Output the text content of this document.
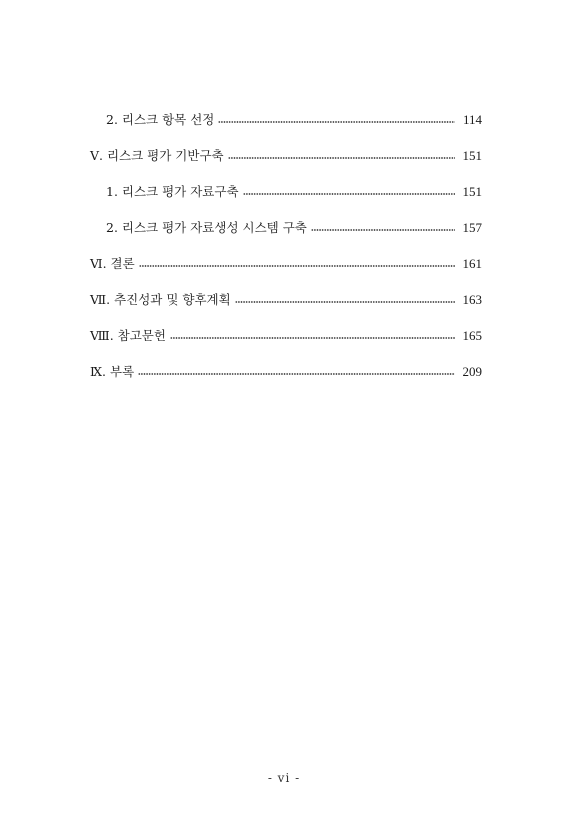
2. 리스크 항목 선정	114
Ⅴ. 리스크 평가 기반구축	151
1. 리스크 평가 자료구축	151
2. 리스크 평가 자료생성 시스템 구축	157
Ⅵ. 결론	161
Ⅶ. 추진성과 및 향후계획	163
Ⅷ. 참고문헌	165
Ⅸ. 부록	209
- vi -
